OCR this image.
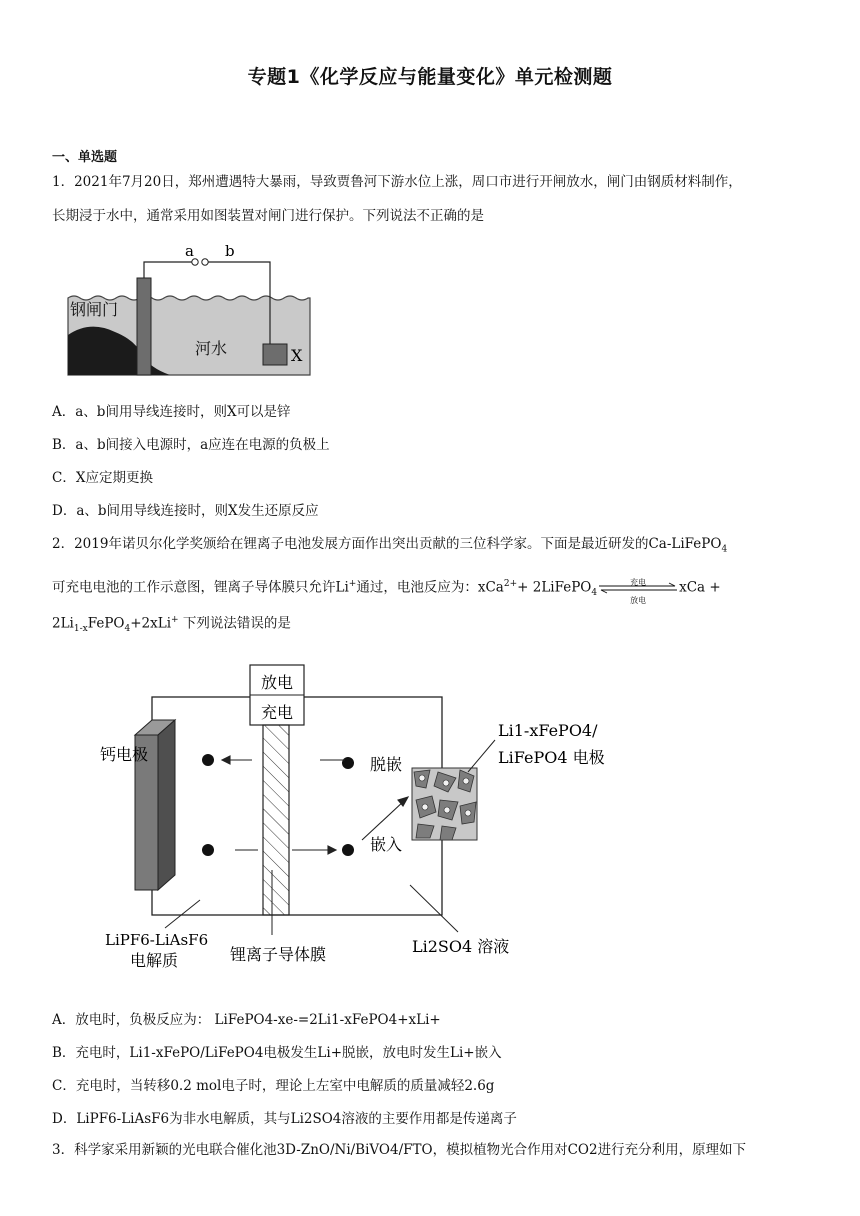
专题1《化学反应与能量变化》单元检测题
一、单选题
1．2021年7月20日，郑州遭遇特大暴雨，导致贾鲁河下游水位上涨，周口市进行开闸放水，闸门由钢质材料制作，
长期浸于水中，通常采用如图装置对闸门进行保护。下列说法不正确的是
a b
X
钢闸门
河水
A．a、b间用导线连接时，则X可以是锌
B．a、b间接入电源时，a应连在电源的负极上
C．X应定期更换
D．a、b间用导线连接时，则X发生还原反应
2．2019年诺贝尔化学奖颁给在锂离子电池发展方面作出突出贡献的三位科学家。下面是最近研发的Ca-LiFePO$_4$
可充电电池的工作示意图，锂离子导体膜只允许Li+通过，电池反应为：xCa$^{2+}$+ 2LiFePO$_4$
充电
放电
xCa +
$2Li_{1-x}FePO_4+2xLi^+$ 下列说法错误的是
放电
充电
脱嵌
嵌入
Li1-xFePO4/
LiFePO4 电极
钙电极
LiPF6-LiAsF6
电解质	锂离子导体膜	Li2SO4 溶液
A．放电时，负极反应为： LiFePO4-xe-=2Li1-xFePO4+xLi+
B．充电时，Li1-xFePO/LiFePO4电极发生Li+脱嵌，放电时发生Li+嵌入
C．充电时，当转移0.2 mol电子时，理论上左室中电解质的质量减轻2.6g
D．LiPF6-LiAsF6为非水电解质，其与Li2SO4溶液的主要作用都是传递离子
3．科学家采用新颖的光电联合催化池3D-ZnO/Ni/BiVO4/FTO，模拟植物光合作用对CO2进行充分利用，原理如下
